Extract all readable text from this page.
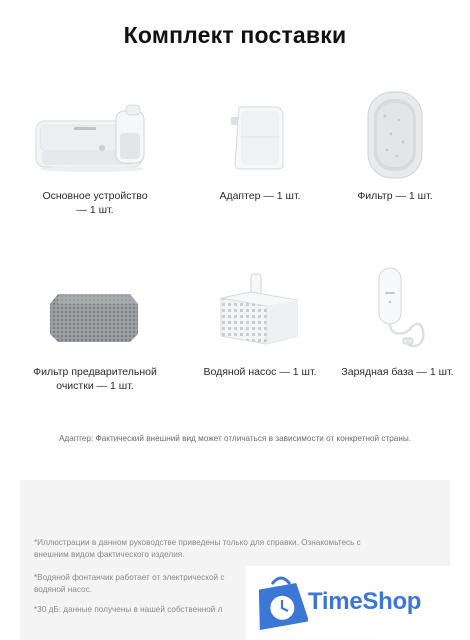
Комплект поставки
Основное устройство
— 1 шт.
Адаптер — 1 шт.	Фильтр — 1 шт.
Фильтр предварительной
очистки — 1 шт.
Водяной насос — 1 шт.	Зарядная база — 1 шт.
Адаптер: Фактический внешний вид может отличаться в зависимости от конкретной страны.
*Иллюстрации в данном руководстве приведены только для справки. Ознакомьтесь с
внешним видом фактического изделия.
*Водяной фонтанчик работает от электрической с
водяной насос.
*30 дБ: данные получены в нашей собственной л	TimeShop
